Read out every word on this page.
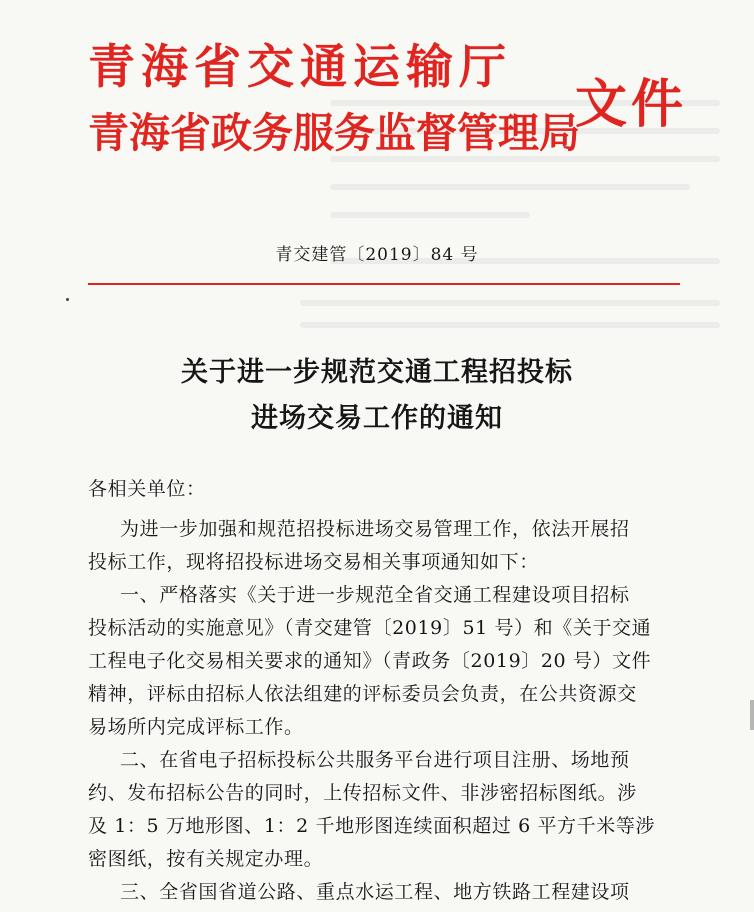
青海省交通运输厅
青海省政务服务监督管理局
文件
青交建管〔2019〕84 号
关于进一步规范交通工程招投标
进场交易工作的通知
各相关单位：
为进一步加强和规范招投标进场交易管理工作，依法开展招
投标工作，现将招投标进场交易相关事项通知如下：
一、严格落实《关于进一步规范全省交通工程建设项目招标
投标活动的实施意见》（青交建管〔2019〕51 号）和《关于交通
工程电子化交易相关要求的通知》（青政务〔2019〕20 号）文件
精神，评标由招标人依法组建的评标委员会负责，在公共资源交
易场所内完成评标工作。
二、在省电子招标投标公共服务平台进行项目注册、场地预
约、发布招标公告的同时，上传招标文件、非涉密招标图纸。涉
及 1：5 万地形图、1：2 千地形图连续面积超过 6 平方千米等涉
密图纸，按有关规定办理。
三、全省国省道公路、重点水运工程、地方铁路工程建设项
